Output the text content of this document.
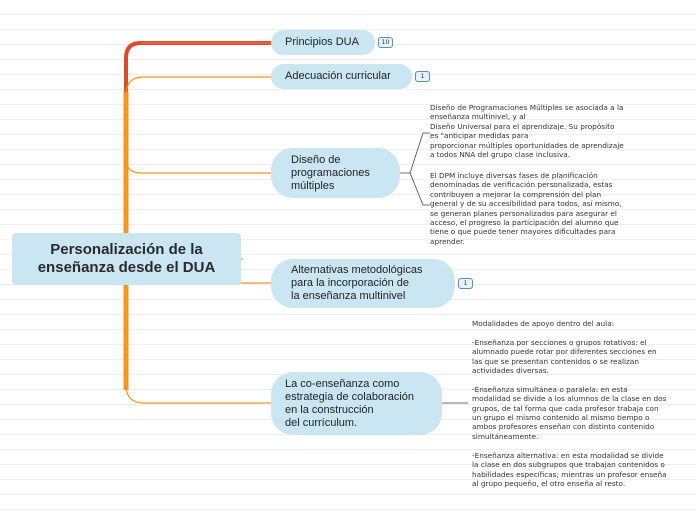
Personalización de la
enseñanza desde el DUA
Principios DUA	10
Adecuación curricular	1
Diseño de
programaciones
múltiples
Alternativas metodológicas
para la incorporación de
la enseñanza multinivel
1
La co-enseñanza como
estrategia de colaboración
en la construcción
del currículum.
Diseño de Programaciones Múltiples se asociada a la
enseñanza multinivel, y al
Diseño Universal para el aprendizaje. Su propósito
es "anticipar medidas para
proporcionar múltiples oportunidades de aprendizaje
a todos NNA del grupo clase inclusiva.
El DPM incluye diversas fases de planificación
denominadas de verificación personalizada, estas
contribuyen a mejorar la comprensión del plan
general y de su accesibilidad para todos, así mismo,
se generan planes personalizados para asegurar el
acceso, el progreso la participación del alumno que
tiene o que puede tener mayores dificultades para
aprender.
Modalidades de apoyo dentro del aula:

-Enseñanza por secciones o grupos rotativos: el
alumnado puede rotar por diferentes secciones en
las que se presentan contenidos o se realizan
actividades diversas.

-Enseñanza simultánea o paralela: en esta
modalidad se divide a los alumnos de la clase en dos
grupos, de tal forma que cada profesor trabaja con
un grupo el mismo contenido al mismo tiempo o
ambos profesores enseñan con distinto contenido
simultáneamente.

-Enseñanza alternativa: en esta modalidad se divide
la clase en dos subgrupos que trabajan contenidos o
habilidades específicas; mientras un profesor enseña
al grupo pequeño, el otro enseña al resto.
